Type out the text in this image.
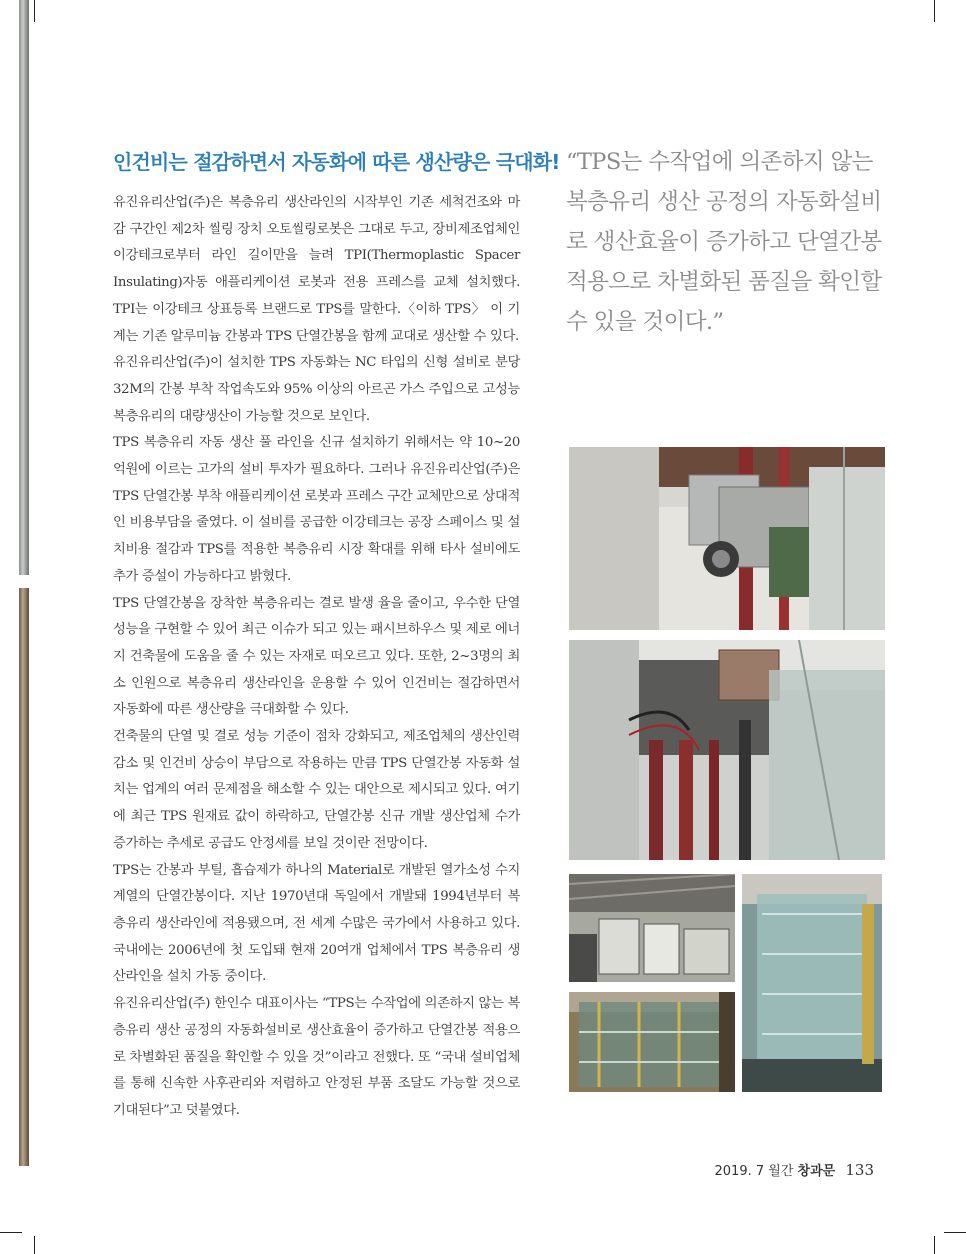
인건비는 절감하면서 자동화에 따른 생산량은 극대화!

유진유리산업(주)은 복층유리 생산라인의 시작부인 기존 세척건조와 마감 구간인 제2차 씰링 장치 오토씰링로봇은 그대로 두고, 장비제조업체인 이강테크로부터 라인 길이만을 늘려 TPI(Thermoplastic Spacer Insulating)자동 애플리케이션 로봇과 전용 프레스를 교체 설치했다. TPI는 이강테크 상표등록 브랜드로 TPS를 말한다.〈이하 TPS〉 이 기계는 기존 알루미늄 간봉과 TPS 단열간봉을 함께 교대로 생산할 수 있다.

유진유리산업(주)이 설치한 TPS 자동화는 NC 타입의 신형 설비로 분당 32M의 간봉 부착 작업속도와 95% 이상의 아르곤 가스 주입으로 고성능 복층유리의 대량생산이 가능할 것으로 보인다.

TPS 복층유리 자동 생산 풀 라인을 신규 설치하기 위해서는 약 10~20억원에 이르는 고가의 설비 투자가 필요하다. 그러나 유진유리산업(주)은 TPS 단열간봉 부착 애플리케이션 로봇과 프레스 구간 교체만으로 상대적인 비용부담을 줄였다. 이 설비를 공급한 이강테크는 공장 스페이스 및 설치비용 절감과 TPS를 적용한 복층유리 시장 확대를 위해 타사 설비에도 추가 증설이 가능하다고 밝혔다.

TPS 단열간봉을 장착한 복층유리는 결로 발생 율을 줄이고, 우수한 단열성능을 구현할 수 있어 최근 이슈가 되고 있는 패시브하우스 및 제로 에너지 건축물에 도움을 줄 수 있는 자재로 떠오르고 있다. 또한, 2~3명의 최소 인원으로 복층유리 생산라인을 운용할 수 있어 인건비는 절감하면서 자동화에 따른 생산량을 극대화할 수 있다.

건축물의 단열 및 결로 성능 기준이 점차 강화되고, 제조업체의 생산인력 감소 및 인건비 상승이 부담으로 작용하는 만큼 TPS 단열간봉 자동화 설치는 업계의 여러 문제점을 해소할 수 있는 대안으로 제시되고 있다. 여기에 최근 TPS 원재료 값이 하락하고, 단열간봉 신규 개발 생산업체 수가 증가하는 추세로 공급도 안정세를 보일 것이란 전망이다.

TPS는 간봉과 부틸, 흡습제가 하나의 Material로 개발된 열가소성 수지 계열의 단열간봉이다. 지난 1970년대 독일에서 개발돼 1994년부터 복층유리 생산라인에 적용됐으며, 전 세계 수많은 국가에서 사용하고 있다. 국내에는 2006년에 첫 도입돼 현재 20여개 업체에서 TPS 복층유리 생산라인을 설치 가동 중이다.

유진유리산업(주) 한인수 대표이사는 “TPS는 수작업에 의존하지 않는 복층유리 생산 공정의 자동화설비로 생산효율이 증가하고 단열간봉 적용으로 차별화된 품질을 확인할 수 있을 것”이라고 전했다. 또 “국내 설비업체를 통해 신속한 사후관리와 저렴하고 안정된 부품 조달도 가능할 것으로 기대된다”고 덧붙였다.

“TPS는 수작업에 의존하지 않는 복층유리 생산 공정의 자동화설비로 생산효율이 증가하고 단열간봉 적용으로 차별화된 품질을 확인할 수 있을 것이다.”
2019. 7 월간 창과문 133
